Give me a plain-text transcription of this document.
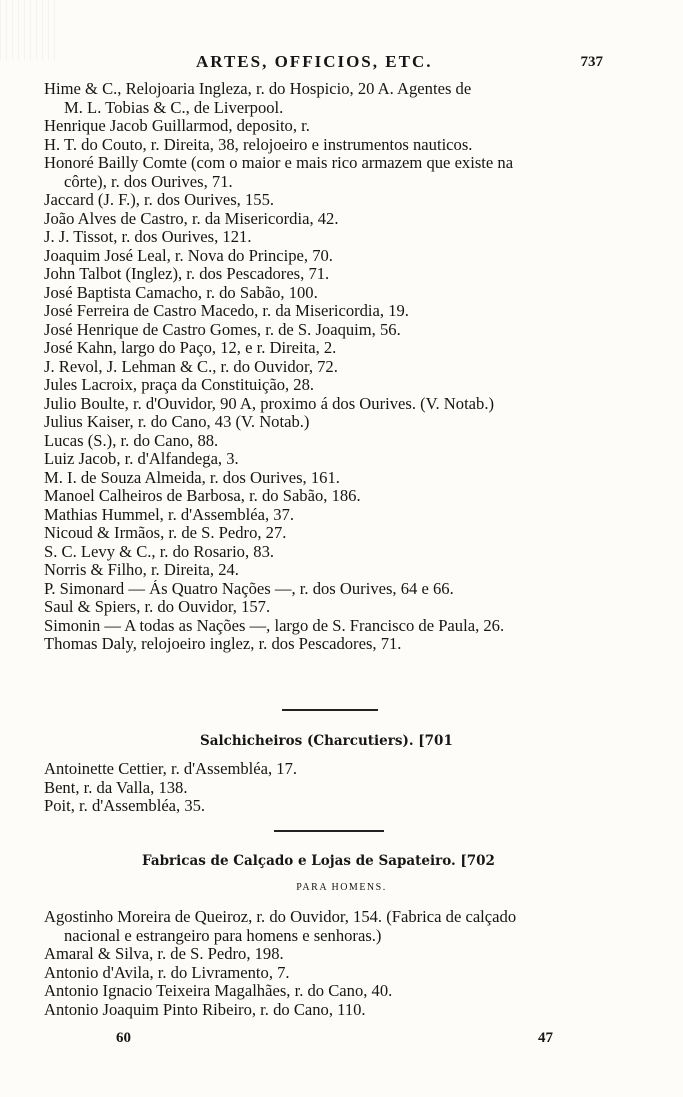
ARTES, OFFICIOS, ETC.	737
Hime & C., Relojoaria Ingleza, r. do Hospicio, 20 A. Agentes de
M. L. Tobias & C., de Liverpool.
Henrique Jacob Guillarmod, deposito, r.
H. T. do Couto, r. Direita, 38, relojoeiro e instrumentos nauticos.
Honoré Bailly Comte (com o maior e mais rico armazem que existe na
côrte), r. dos Ourives, 71.
Jaccard (J. F.), r. dos Ourives, 155.
João Alves de Castro, r. da Misericordia, 42.
J. J. Tissot, r. dos Ourives, 121.
Joaquim José Leal, r. Nova do Principe, 70.
John Talbot (Inglez), r. dos Pescadores, 71.
José Baptista Camacho, r. do Sabão, 100.
José Ferreira de Castro Macedo, r. da Misericordia, 19.
José Henrique de Castro Gomes, r. de S. Joaquim, 56.
José Kahn, largo do Paço, 12, e r. Direita, 2.
J. Revol, J. Lehman & C., r. do Ouvidor, 72.
Jules Lacroix, praça da Constituição, 28.
Julio Boulte, r. d'Ouvidor, 90 A, proximo á dos Ourives. (V. Notab.)
Julius Kaiser, r. do Cano, 43 (V. Notab.)
Lucas (S.), r. do Cano, 88.
Luiz Jacob, r. d'Alfandega, 3.
M. I. de Souza Almeida, r. dos Ourives, 161.
Manoel Calheiros de Barbosa, r. do Sabão, 186.
Mathias Hummel, r. d'Assembléa, 37.
Nicoud & Irmãos, r. de S. Pedro, 27.
S. C. Levy & C., r. do Rosario, 83.
Norris & Filho, r. Direita, 24.
P. Simonard — Ás Quatro Nações —, r. dos Ourives, 64 e 66.
Saul & Spiers, r. do Ouvidor, 157.
Simonin — A todas as Nações —, largo de S. Francisco de Paula, 26.
Thomas Daly, relojoeiro inglez, r. dos Pescadores, 71.
Salchicheiros (Charcutiers). [701
Antoinette Cettier, r. d'Assembléa, 17.
Bent, r. da Valla, 138.
Poit, r. d'Assembléa, 35.
Fabricas de Calçado e Lojas de Sapateiro. [702
PARA HOMENS.
Agostinho Moreira de Queiroz, r. do Ouvidor, 154. (Fabrica de calçado
nacional e estrangeiro para homens e senhoras.)
Amaral & Silva, r. de S. Pedro, 198.
Antonio d'Avila, r. do Livramento, 7.
Antonio Ignacio Teixeira Magalhães, r. do Cano, 40.
Antonio Joaquim Pinto Ribeiro, r. do Cano, 110.
60	47
